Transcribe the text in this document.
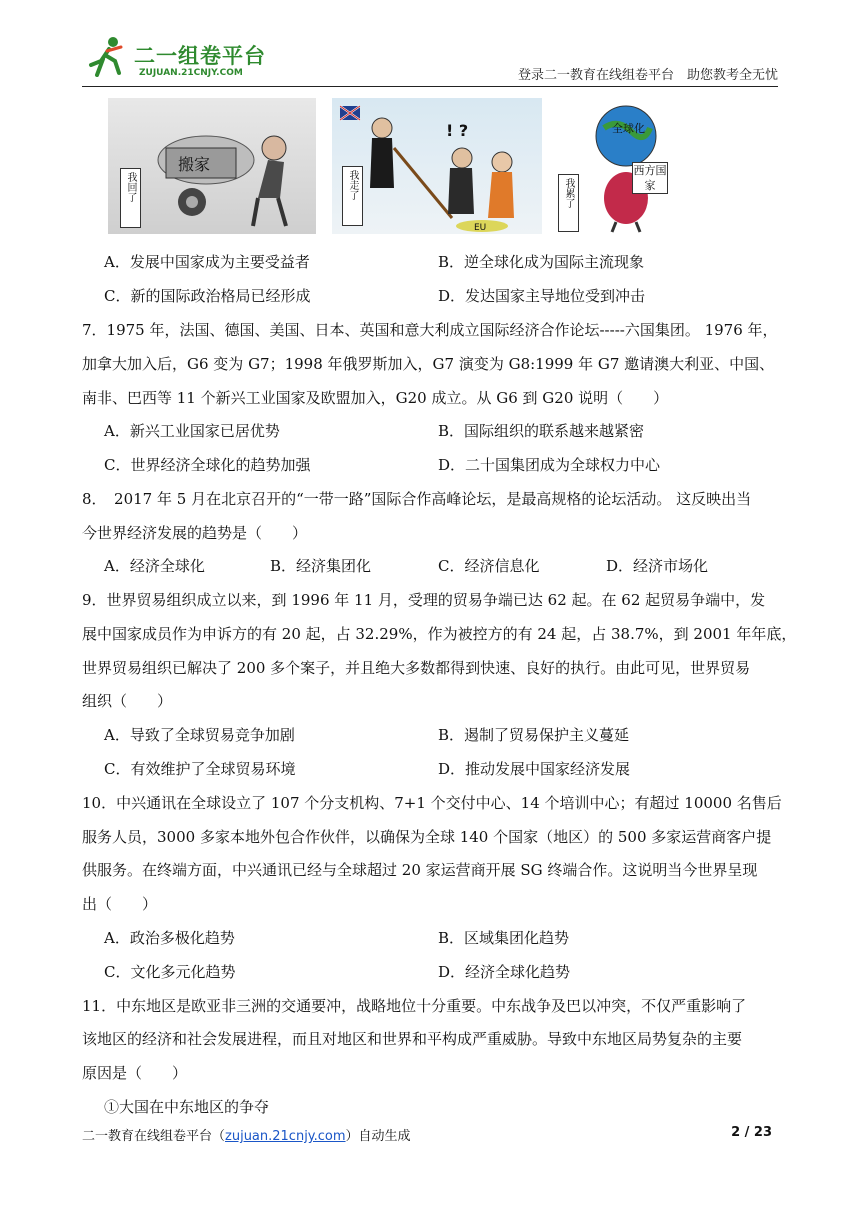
二一组卷平台
ZUJUAN.21CNJY.COM	登录二一教育在线组卷平台　助您教考全无忧
搬家
我回了
! ?
EU
我走了
全球化
我累了
西方国家
A．发展中国家成为主要受益者	B．逆全球化成为国际主流现象
C．新的国际政治格局已经形成	D．发达国家主导地位受到冲击
7．1975 年，法国、德国、美国、日本、英国和意大利成立国际经济合作论坛-----六国集团。 1976 年，
加拿大加入后，G6 变为 G7；1998 年俄罗斯加入，G7 演变为 G8:1999 年 G7 邀请澳大利亚、中国、
南非、巴西等 11 个新兴工业国家及欧盟加入，G20 成立。从 G6 到 G20 说明（　　）
A．新兴工业国家已居优势	B．国际组织的联系越来越紧密
C．世界经济全球化的趋势加强	D．二十国集团成为全球权力中心
8．　2017 年 5 月在北京召开的“一带一路”国际合作高峰论坛，是最高规格的论坛活动。 这反映出当
今世界经济发展的趋势是（　　）
A．经济全球化	B．经济集团化	C．经济信息化	D．经济市场化
9．世界贸易组织成立以来，到 1996 年 11 月，受理的贸易争端已达 62 起。在 62 起贸易争端中，发
展中国家成员作为申诉方的有 20 起，占 32.29%，作为被控方的有 24 起，占 38.7%，到 2001 年年底，
世界贸易组织已解决了 200 多个案子，并且绝大多数都得到快速、良好的执行。由此可见，世界贸易
组织（　　）
A．导致了全球贸易竞争加剧	B．遏制了贸易保护主义蔓延
C．有效维护了全球贸易环境	D．推动发展中国家经济发展
10．中兴通讯在全球设立了 107 个分支机构、7+1 个交付中心、14 个培训中心；有超过 10000 名售后
服务人员，3000 多家本地外包合作伙伴，以确保为全球 140 个国家（地区）的 500 多家运营商客户提
供服务。在终端方面，中兴通讯已经与全球超过 20 家运营商开展 SG 终端合作。这说明当今世界呈现
出（　　）
A．政治多极化趋势	B．区域集团化趋势
C．文化多元化趋势	D．经济全球化趋势
11．中东地区是欧亚非三洲的交通要冲，战略地位十分重要。中东战争及巴以冲突，不仅严重影响了
该地区的经济和社会发展进程，而且对地区和世界和平构成严重威胁。导致中东地区局势复杂的主要
原因是（　　）
①大国在中东地区的争夺
二一教育在线组卷平台（zujuan.21cnjy.com）自动生成	2 / 23
